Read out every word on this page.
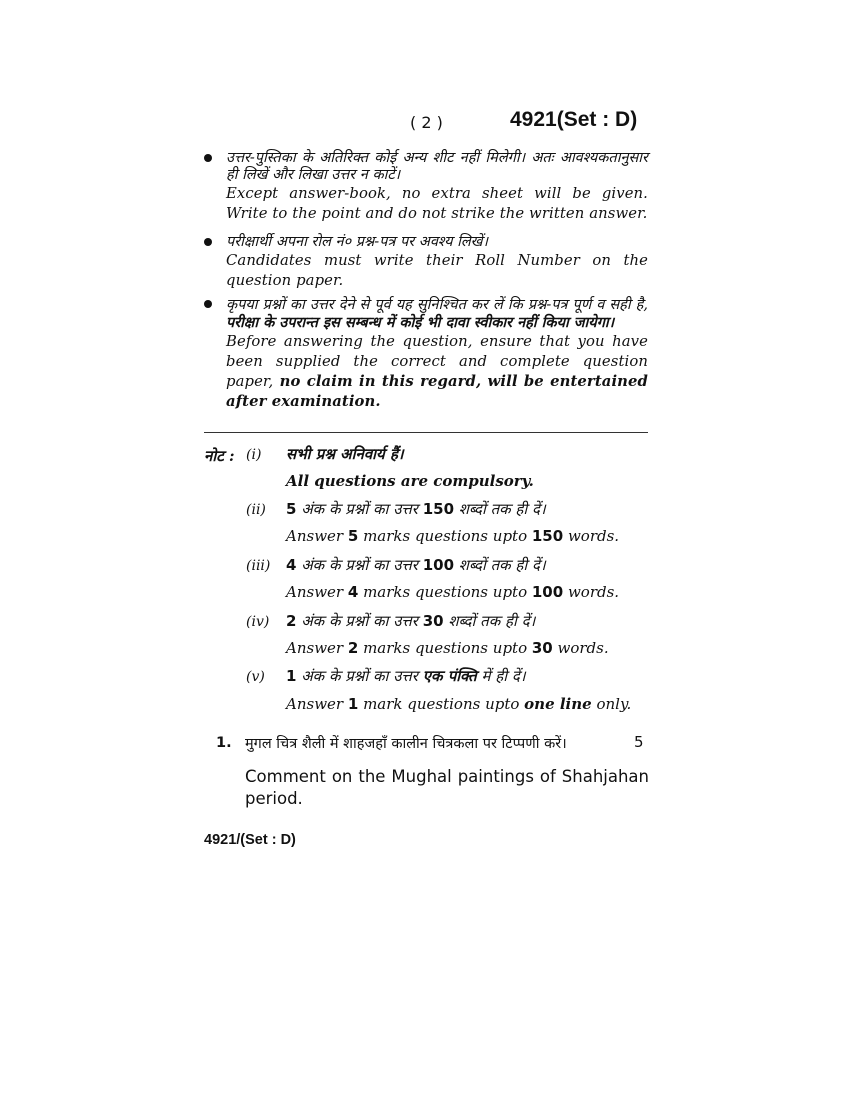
( 2 )	4921(Set : D)
उत्तर-पुस्तिका के अतिरिक्त कोई अन्य शीट नहीं मिलेगी। अतः आवश्यकतानुसार ही लिखें और लिखा उत्तर न काटें।
Except answer-book, no extra sheet will be given. Write to the point and do not strike the written answer.
परीक्षार्थी अपना रोल नं० प्रश्न-पत्र पर अवश्य लिखें।
Candidates must write their Roll Number on the question paper.
कृपया प्रश्नों का उत्तर देने से पूर्व यह सुनिश्चित कर लें कि प्रश्न-पत्र पूर्ण व सही है, परीक्षा के उपरान्त इस सम्बन्ध में कोई भी दावा स्वीकार नहीं किया जायेगा।
Before answering the question, ensure that you have been supplied the correct and complete question paper, no claim in this regard, will be entertained after examination.
नोट : (i) सभी प्रश्न अनिवार्य हैं।
All questions are compulsory.
(ii) 5 अंक के प्रश्नों का उत्तर 150 शब्दों तक ही दें।
Answer 5 marks questions upto 150 words.
(iii) 4 अंक के प्रश्नों का उत्तर 100 शब्दों तक ही दें।
Answer 4 marks questions upto 100 words.
(iv) 2 अंक के प्रश्नों का उत्तर 30 शब्दों तक ही दें।
Answer 2 marks questions upto 30 words.
(v) 1 अंक के प्रश्नों का उत्तर एक पंक्ति में ही दें।
Answer 1 mark questions upto one line only.
1. मुगल चित्र शैली में शाहजहाँ कालीन चित्रकला पर टिप्पणी करें।	5
Comment on the Mughal paintings of Shahjahan period.
4921/(Set : D)
